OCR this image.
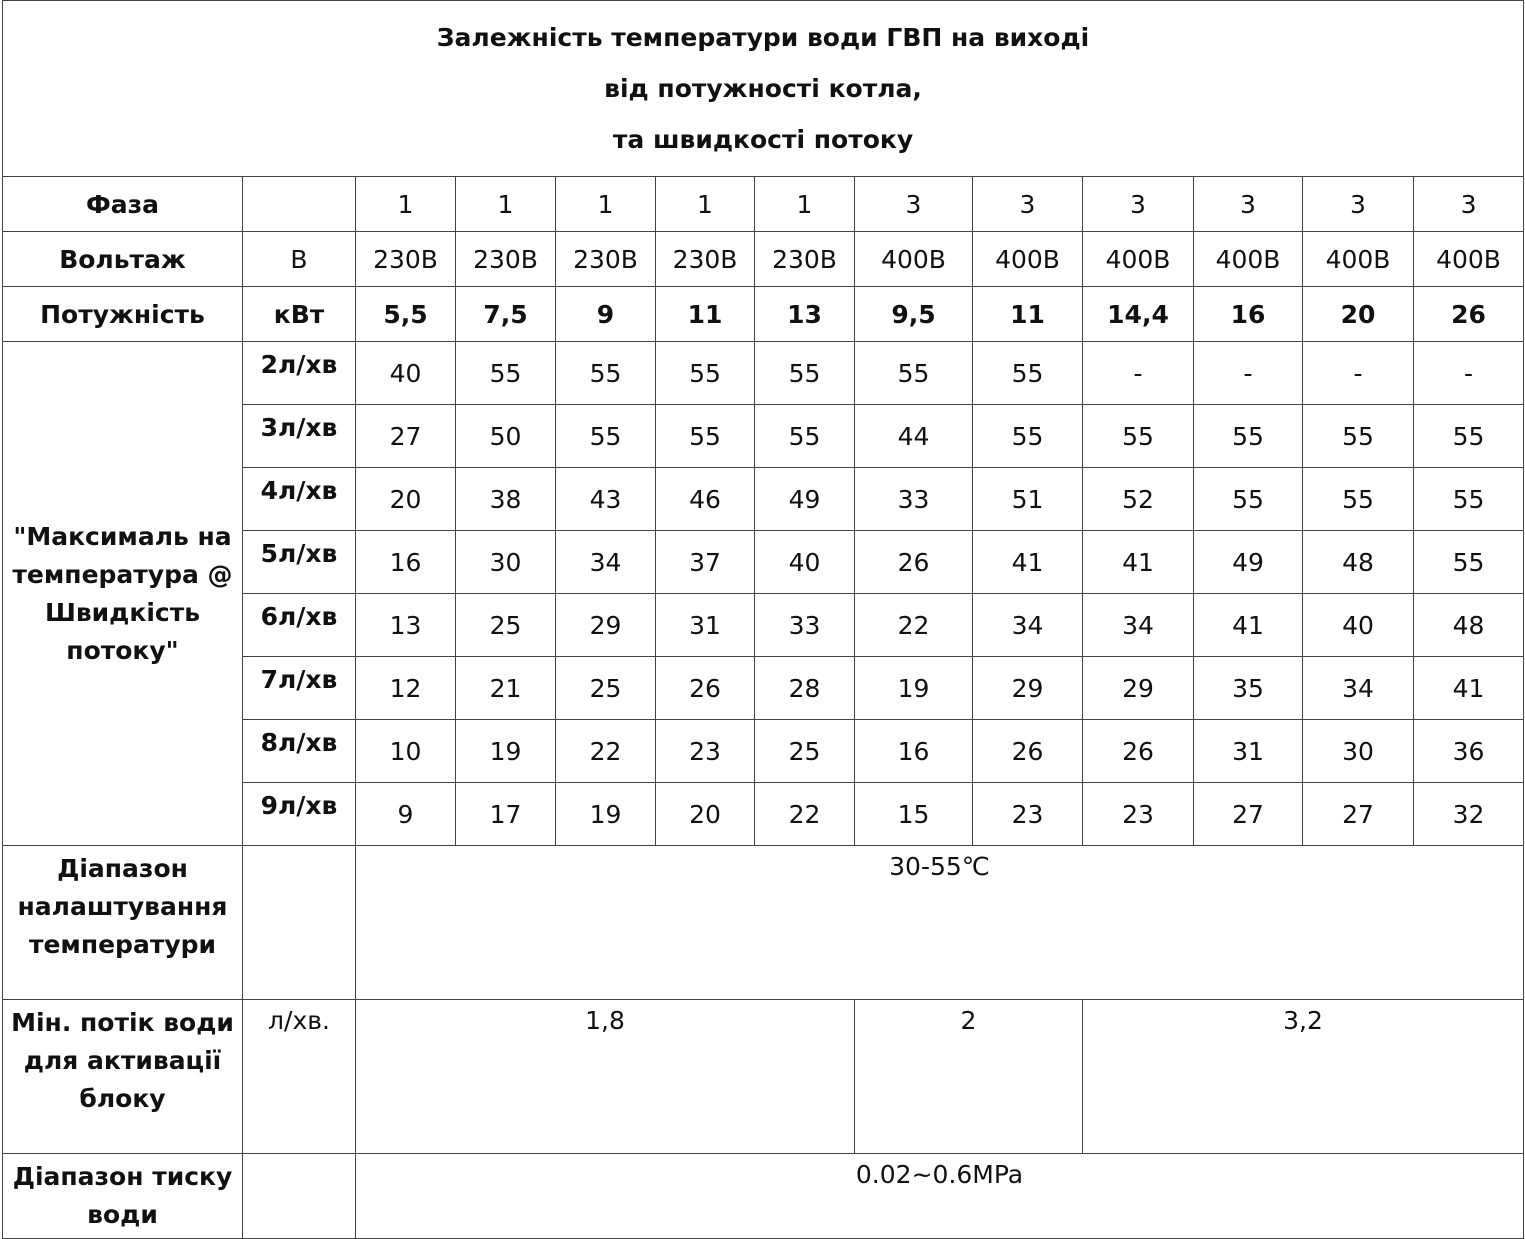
Залежність температури води ГВП на виході
від потужності котла,
та швидкості потоку												

Фаза		1	1	1	1	1	3	3	3	3	3	3
Вольтаж	В	230В	230В	230В	230В	230В	400В	400В	400В	400В	400В	400В
Потужність	кВт	5,5	7,5	9	11	13	9,5	11	14,4	16	20	26
"Максималь на температура @ Швидкість потоку"	2л/хв	40	55	55	55	55	55	55	-	-	-	-
	3л/хв	27	50	55	55	55	44	55	55	55	55	55
	4л/хв	20	38	43	46	49	33	51	52	55	55	55
	5л/хв	16	30	34	37	40	26	41	41	49	48	55
	6л/хв	13	25	29	31	33	22	34	34	41	40	48
	7л/хв	12	21	25	26	28	19	29	29	35	34	41
	8л/хв	10	19	22	23	25	16	26	26	31	30	36
	9л/хв	9	17	19	20	22	15	23	23	27	27	32
Діапазон налаштування температури		30-55℃										
Мін. потік води для активації блоку	л/хв.	1,8					2		3,2			
Діапазон тиску води		0.02~0.6MPa										
